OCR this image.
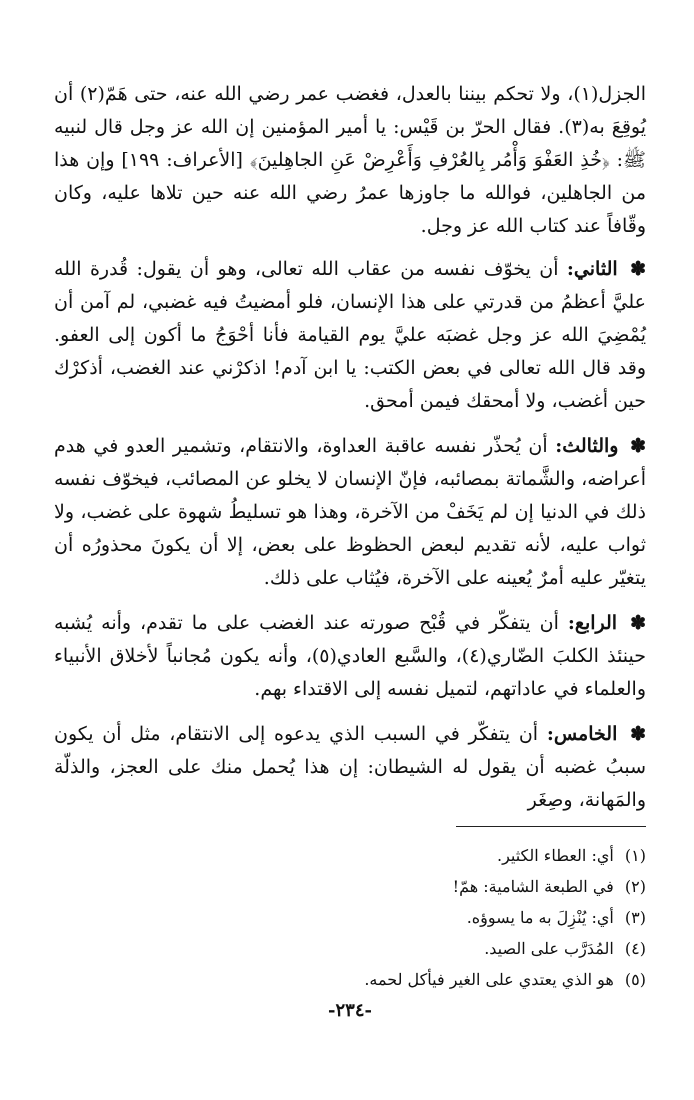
الجزل(١)، ولا تحكم بيننا بالعدل، فغضب عمر رضي الله عنه، حتى هَمّ(٢) أن يُوقِعَ به(٣). فقال الحرّ بن قَيْس: يا أمير المؤمنين إن الله عز وجل قال لنبيه ﷺ: ﴿خُذِ العَفْوَ وَأْمُر بِالعُرْفِ وَأَعْرِضْ عَنِ الجاهِلينَ﴾ [الأعراف: ١٩٩] وإن هذا من الجاهلين، فوالله ما جاوزها عمرُ رضي الله عنه حين تلاها عليه، وكان وقّافاً عند كتاب الله عز وجل.

✽ الثاني: أن يخوّف نفسه من عقاب الله تعالى، وهو أن يقول: قُدرة الله عليَّ أعظمُ من قدرتي على هذا الإنسان، فلو أمضيتُ فيه غضبي، لم آمن أن يُمْضِيَ الله عز وجل غضبَه عليَّ يوم القيامة فأنا أحْوَجُ ما أكون إلى العفو. وقد قال الله تعالى في بعض الكتب: يا ابن آدم! اذكرْني عند الغضب، أذكرْك حين أغضب، ولا أمحقك فيمن أمحق.

✽ والثالث: أن يُحذّر نفسه عاقبة العداوة، والانتقام، وتشمير العدو في هدم أعراضه، والشَّماتة بمصائبه، فإنّ الإنسان لا يخلو عن المصائب، فيخوّف نفسه ذلك في الدنيا إن لم يَخَفْ من الآخرة، وهذا هو تسليطُ شهوة على غضب، ولا ثواب عليه، لأنه تقديم لبعض الحظوظ على بعض، إلا أن يكونَ محذورُه أن يتغيّر عليه أمرٌ يُعينه على الآخرة، فيُثاب على ذلك.

✽ الرابع: أن يتفكّر في قُبْح صورته عند الغضب على ما تقدم، وأنه يُشبه حينئذ الكلبَ الضّاري(٤)، والسَّبع العادي(٥)، وأنه يكون مُجانباً لأخلاق الأنبياء والعلماء في عاداتهم، لتميل نفسه إلى الاقتداء بهم.

✽ الخامس: أن يتفكّر في السبب الذي يدعوه إلى الانتقام، مثل أن يكون سببُ غضبه أن يقول له الشيطان: إن هذا يُحمل منك على العجز، والذلّة والمَهانة، وصِغَر

(١) أي: العطاء الكثير.

(٢) في الطبعة الشامية: همّ!

(٣) أي: يُنْزِلَ به ما يسوؤه.

(٤) المُدَرَّب على الصيد.

(٥) هو الذي يعتدي على الغير فيأكل لحمه.

-٢٣٤-
